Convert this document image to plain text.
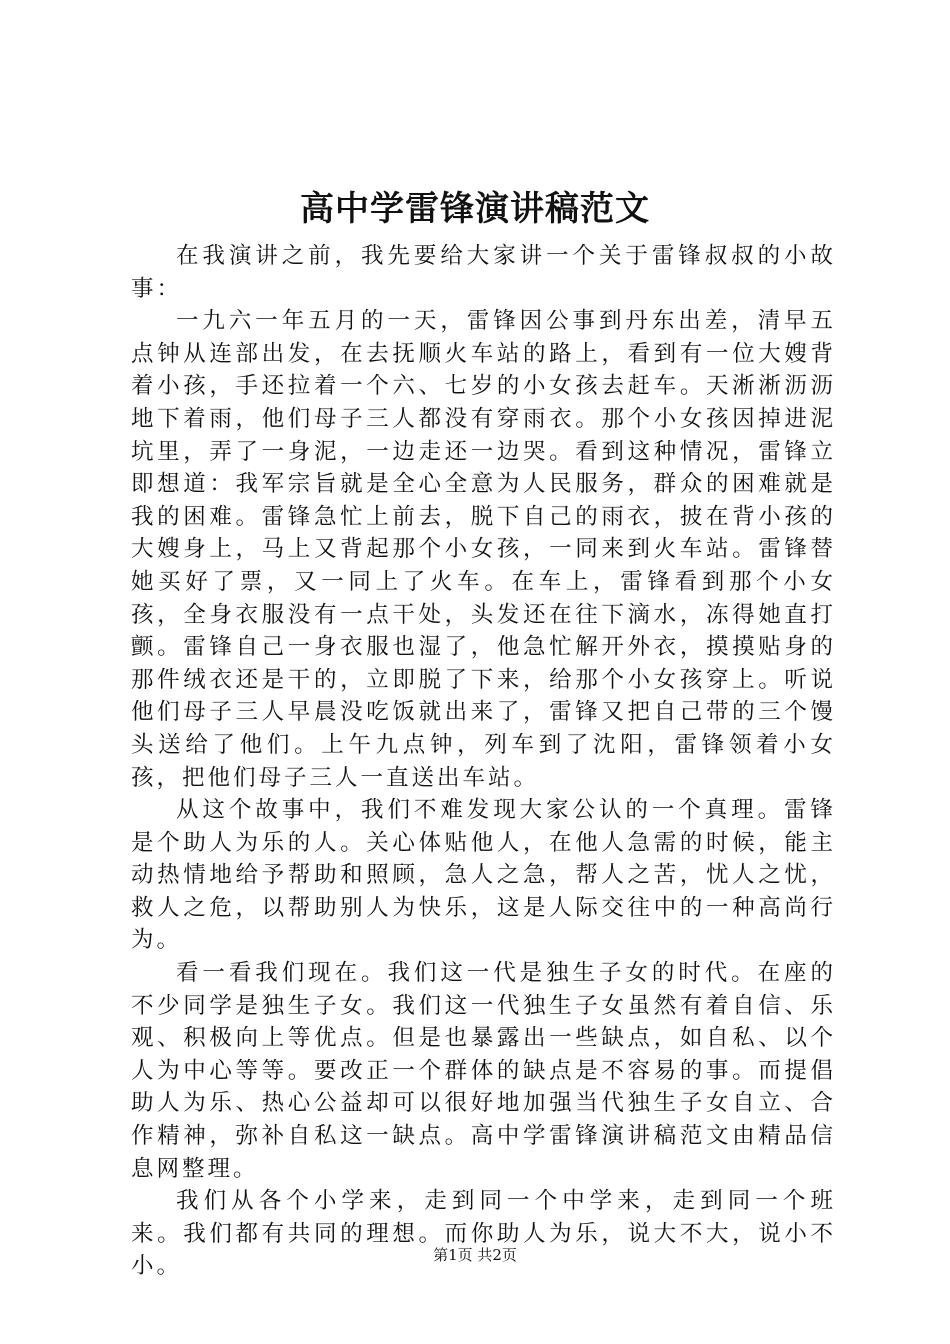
高中学雷锋演讲稿范文

在我演讲之前，我先要给大家讲一个关于雷锋叔叔的小故事：

一九六一年五月的一天，雷锋因公事到丹东出差，清早五点钟从连部出发，在去抚顺火车站的路上，看到有一位大嫂背着小孩，手还拉着一个六、七岁的小女孩去赶车。天淅淅沥沥地下着雨，他们母子三人都没有穿雨衣。那个小女孩因掉进泥坑里，弄了一身泥，一边走还一边哭。看到这种情况，雷锋立即想道：我军宗旨就是全心全意为人民服务，群众的困难就是我的困难。雷锋急忙上前去，脱下自己的雨衣，披在背小孩的大嫂身上，马上又背起那个小女孩，一同来到火车站。雷锋替她买好了票，又一同上了火车。在车上，雷锋看到那个小女孩，全身衣服没有一点干处，头发还在往下滴水，冻得她直打颤。雷锋自己一身衣服也湿了，他急忙解开外衣，摸摸贴身的那件绒衣还是干的，立即脱了下来，给那个小女孩穿上。听说他们母子三人早晨没吃饭就出来了，雷锋又把自己带的三个馒头送给了他们。上午九点钟，列车到了沈阳，雷锋领着小女孩，把他们母子三人一直送出车站。

从这个故事中，我们不难发现大家公认的一个真理。雷锋是个助人为乐的人。关心体贴他人，在他人急需的时候，能主动热情地给予帮助和照顾，急人之急，帮人之苦，忧人之忧，救人之危，以帮助别人为快乐，这是人际交往中的一种高尚行为。

看一看我们现在。我们这一代是独生子女的时代。在座的不少同学是独生子女。我们这一代独生子女虽然有着自信、乐观、积极向上等优点。但是也暴露出一些缺点，如自私、以个人为中心等等。要改正一个群体的缺点是不容易的事。而提倡助人为乐、热心公益却可以很好地加强当代独生子女自立、合作精神，弥补自私这一缺点。高中学雷锋演讲稿范文由精品信息网整理。

我们从各个小学来，走到同一个中学来，走到同一个班来。我们都有共同的理想。而你助人为乐，说大不大，说小不小。	第1页 共2页
